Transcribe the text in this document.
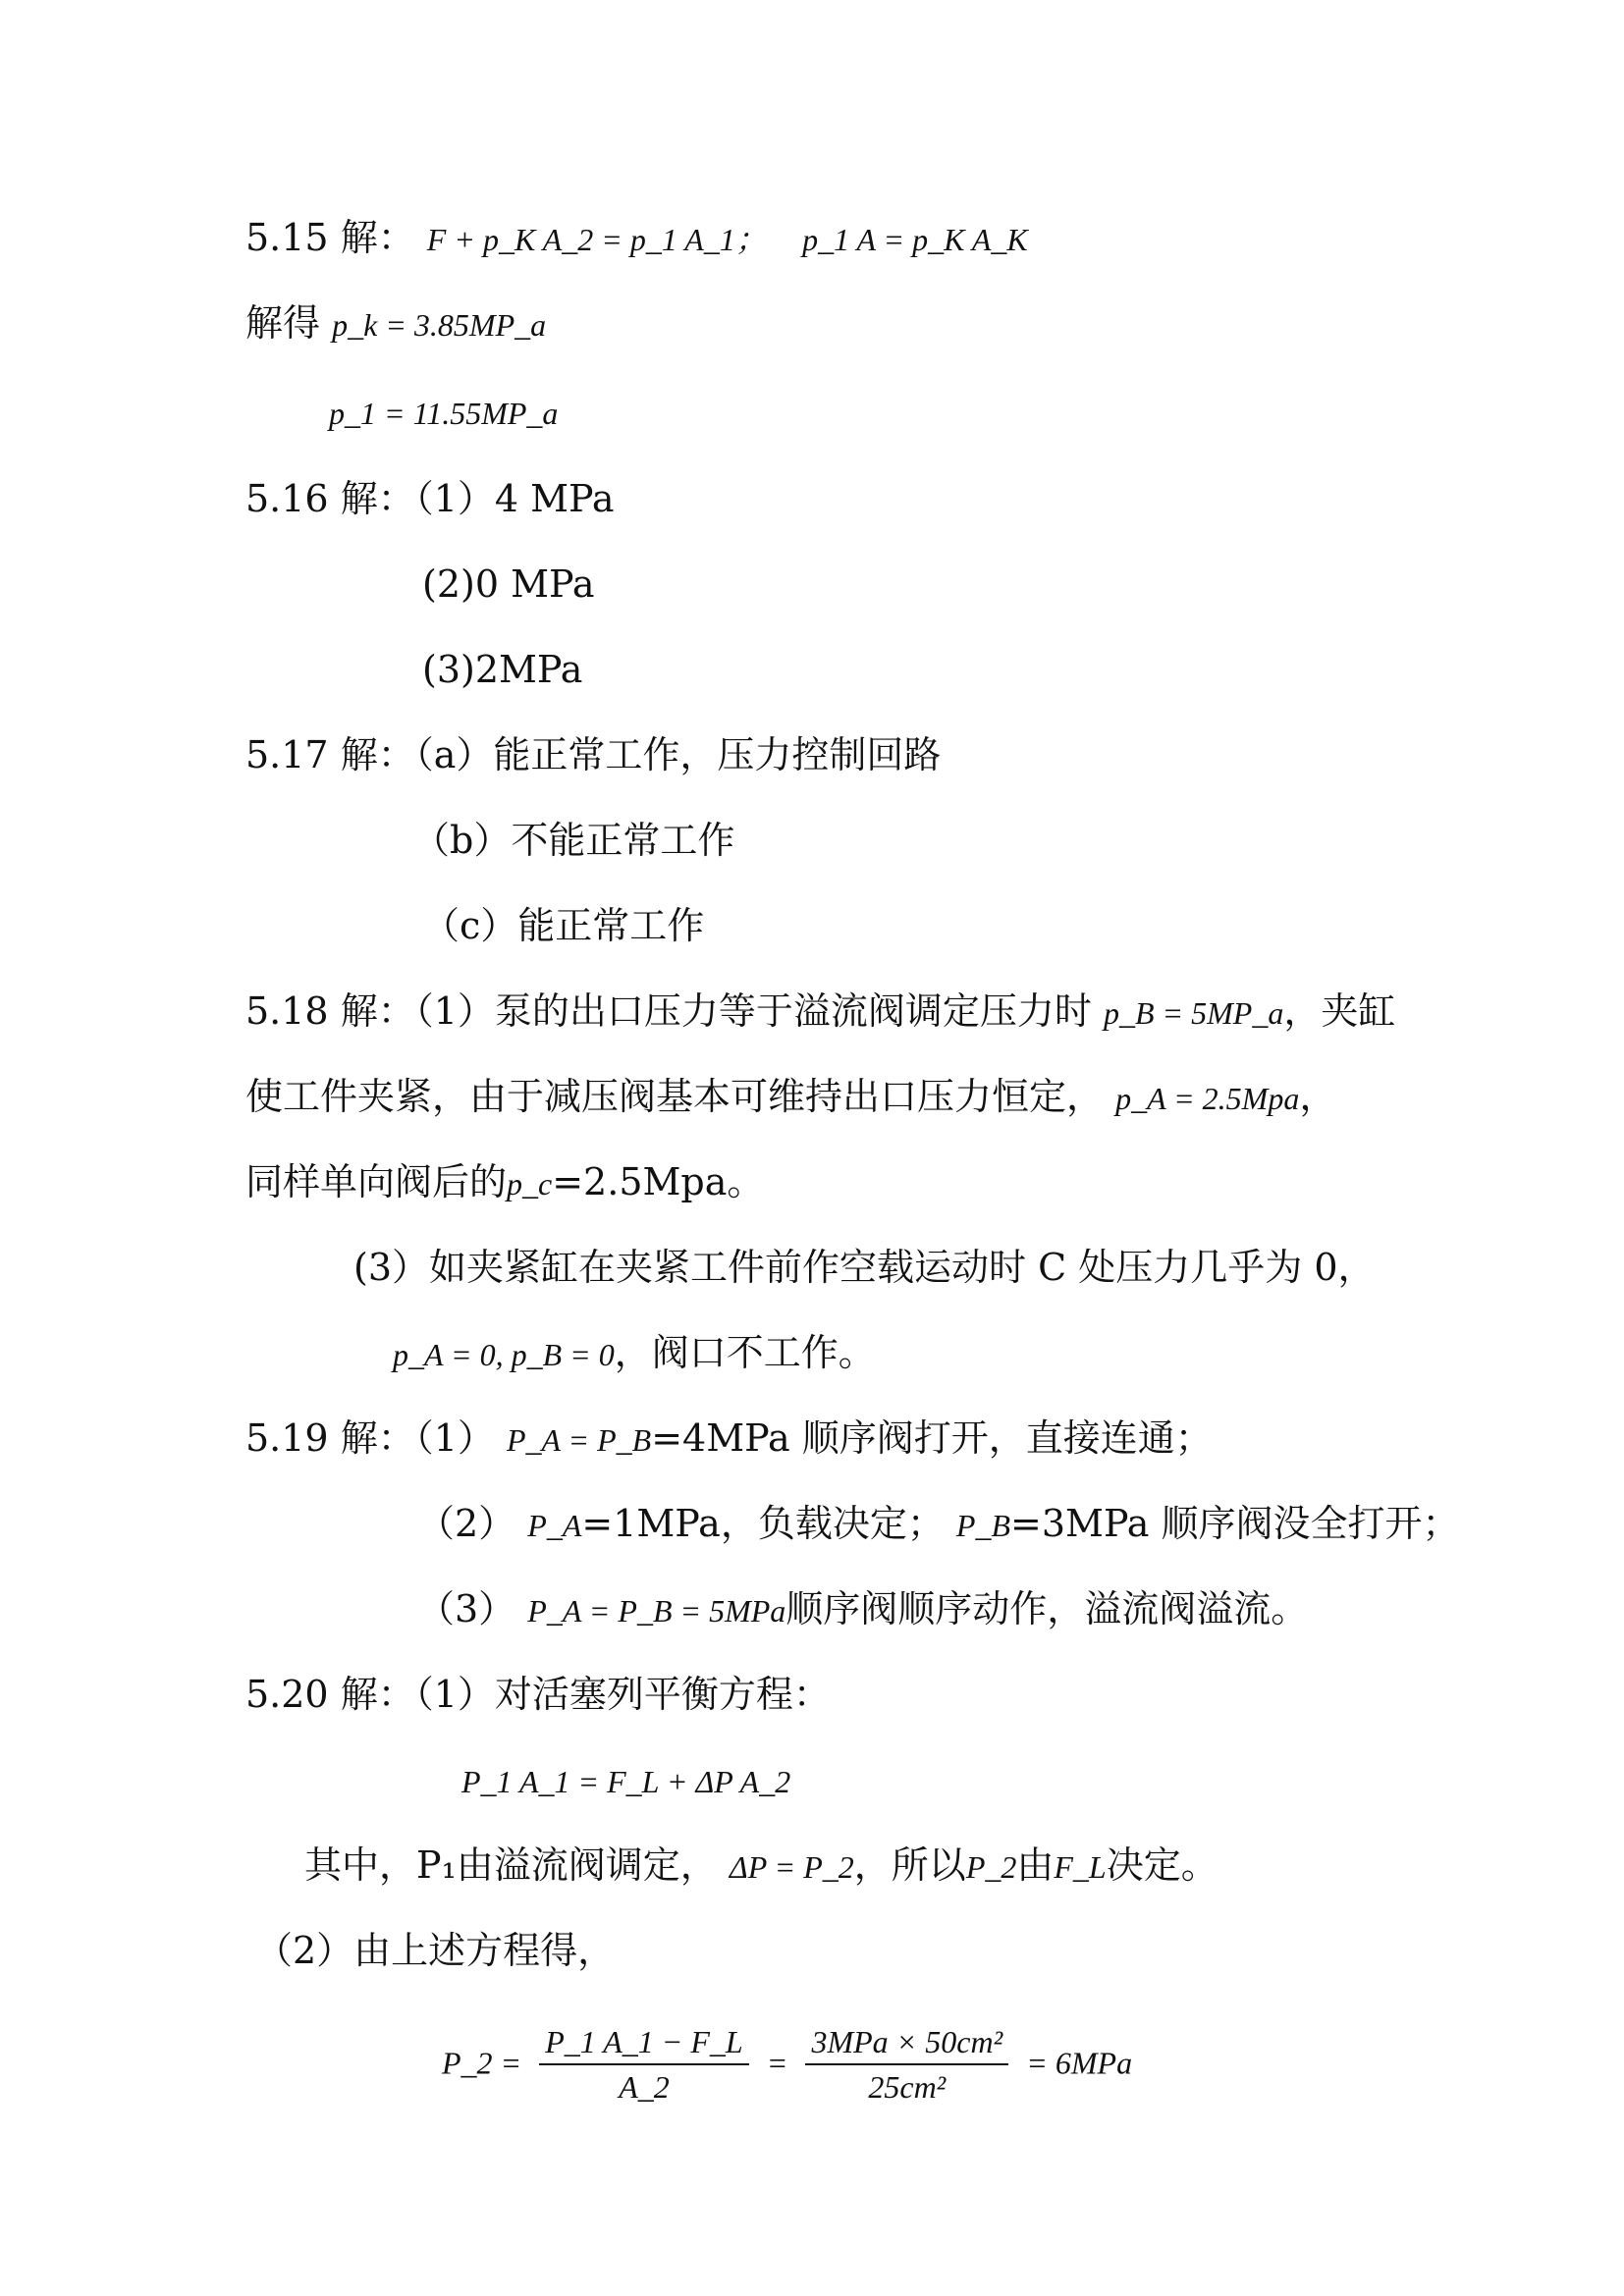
5.15 解： F + p_K A_2 = p_1 A_1； p_1 A = p_K A_K
解得 p_k = 3.85MP_a
p_1 = 11.55MP_a
5.16 解：（1）4 MPa
(2)0 MPa
(3)2MPa
5.17 解：（a）能正常工作，压力控制回路
（b）不能正常工作
（c）能正常工作
5.18 解：（1）泵的出口压力等于溢流阀调定压力时 p_B = 5MP_a，夹缸
使工件夹紧，由于减压阀基本可维持出口压力恒定， p_A = 2.5Mpa，
同样单向阀后的p_c=2.5Mpa。
(3）如夹紧缸在夹紧工件前作空载运动时 C 处压力几乎为 0，
p_A = 0, p_B = 0，阀口不工作。
5.19 解：（1） P_A = P_B=4MPa 顺序阀打开，直接连通；
（2） P_A=1MPa，负载决定； P_B=3MPa 顺序阀没全打开；
（3） P_A = P_B = 5MPa顺序阀顺序动作，溢流阀溢流。
5.20 解：（1）对活塞列平衡方程：
P_1 A_1 = F_L + ΔP A_2
其中，P₁由溢流阀调定， ΔP = P_2，所以P_2由F_L决定。
（2）由上述方程得，
P_2 = $\frac{P\_1 A\_1 - F\_L}{A\_2} = \frac{\text{3MPa × 50cm²}}{\text{25cm²}} = 6MPa$
